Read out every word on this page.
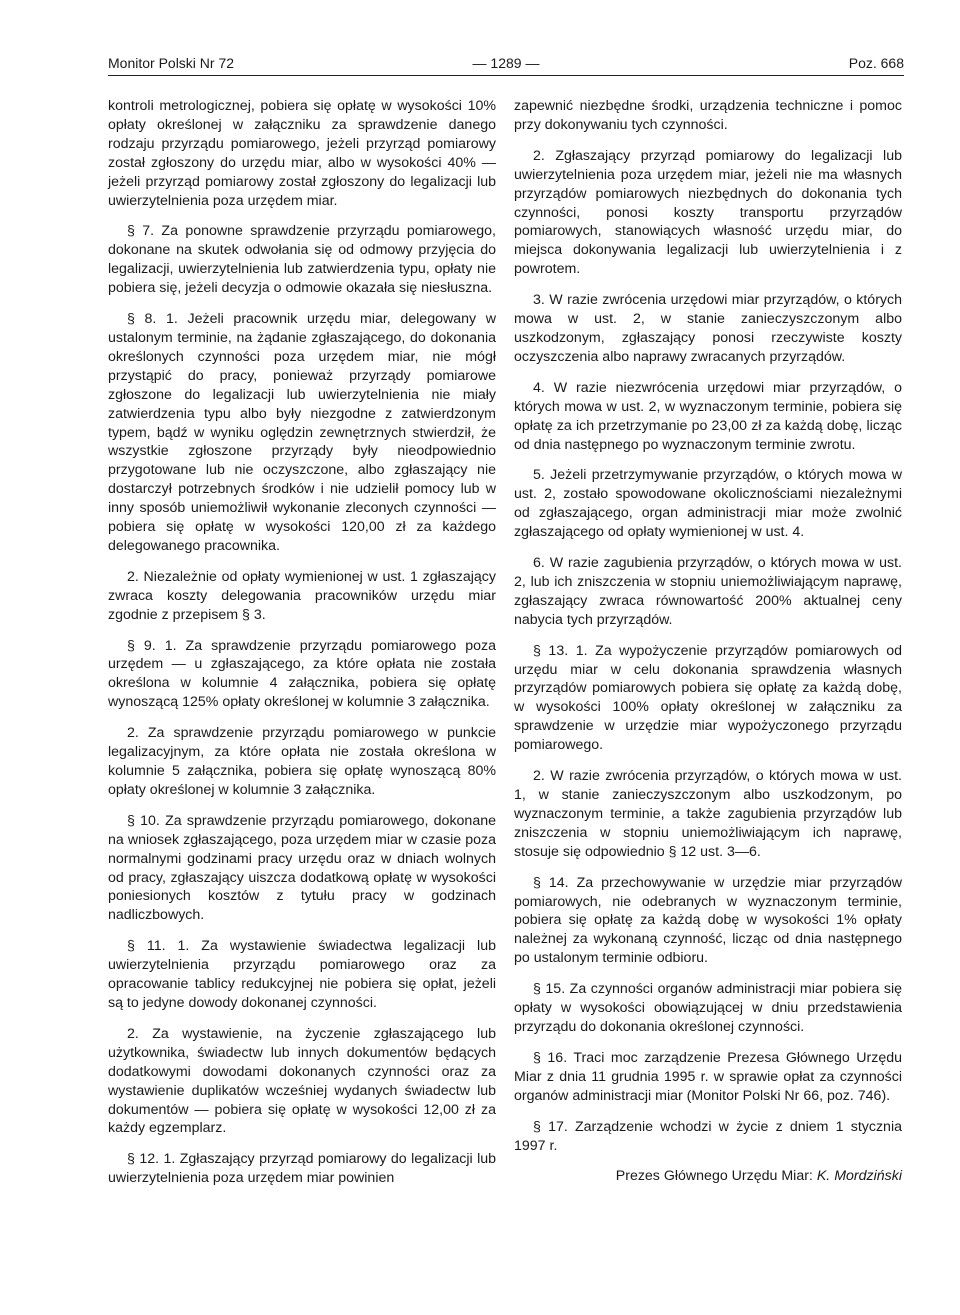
Monitor Polski Nr 72	— 1289 —	Poz. 668

kontroli metrologicznej, pobiera się opłatę w wysokości 10% opłaty określonej w załączniku za sprawdzenie danego rodzaju przyrządu pomiarowego, jeżeli przyrząd pomiarowy został zgłoszony do urzędu miar, albo w wysokości 40% — jeżeli przyrząd pomiarowy został zgłoszony do legalizacji lub uwierzytelnienia poza urzędem miar.

§ 7. Za ponowne sprawdzenie przyrządu pomiarowego, dokonane na skutek odwołania się od odmowy przyjęcia do legalizacji, uwierzytelnienia lub zatwierdzenia typu, opłaty nie pobiera się, jeżeli decyzja o odmowie okazała się niesłuszna.

§ 8. 1. Jeżeli pracownik urzędu miar, delegowany w ustalonym terminie, na żądanie zgłaszającego, do dokonania określonych czynności poza urzędem miar, nie mógł przystąpić do pracy, ponieważ przyrządy pomiarowe zgłoszone do legalizacji lub uwierzytelnienia nie miały zatwierdzenia typu albo były niezgodne z zatwierdzonym typem, bądź w wyniku oględzin zewnętrznych stwierdził, że wszystkie zgłoszone przyrządy były nieodpowiednio przygotowane lub nie oczyszczone, albo zgłaszający nie dostarczył potrzebnych środków i nie udzielił pomocy lub w inny sposób uniemożliwił wykonanie zleconych czynności — pobiera się opłatę w wysokości 120,00 zł za każdego delegowanego pracownika.

2. Niezależnie od opłaty wymienionej w ust. 1 zgłaszający zwraca koszty delegowania pracowników urzędu miar zgodnie z przepisem § 3.

§ 9. 1. Za sprawdzenie przyrządu pomiarowego poza urzędem — u zgłaszającego, za które opłata nie została określona w kolumnie 4 załącznika, pobiera się opłatę wynoszącą 125% opłaty określonej w kolumnie 3 załącznika.

2. Za sprawdzenie przyrządu pomiarowego w punkcie legalizacyjnym, za które opłata nie została określona w kolumnie 5 załącznika, pobiera się opłatę wynoszącą 80% opłaty określonej w kolumnie 3 załącznika.

§ 10. Za sprawdzenie przyrządu pomiarowego, dokonane na wniosek zgłaszającego, poza urzędem miar w czasie poza normalnymi godzinami pracy urzędu oraz w dniach wolnych od pracy, zgłaszający uiszcza dodatkową opłatę w wysokości poniesionych kosztów z tytułu pracy w godzinach nadliczbowych.

§ 11. 1. Za wystawienie świadectwa legalizacji lub uwierzytelnienia przyrządu pomiarowego oraz za opracowanie tablicy redukcyjnej nie pobiera się opłat, jeżeli są to jedyne dowody dokonanej czynności.

2. Za wystawienie, na życzenie zgłaszającego lub użytkownika, świadectw lub innych dokumentów będących dodatkowymi dowodami dokonanych czynności oraz za wystawienie duplikatów wcześniej wydanych świadectw lub dokumentów — pobiera się opłatę w wysokości 12,00 zł za każdy egzemplarz.

§ 12. 1. Zgłaszający przyrząd pomiarowy do legalizacji lub uwierzytelnienia poza urzędem miar powinien

zapewnić niezbędne środki, urządzenia techniczne i pomoc przy dokonywaniu tych czynności.

2. Zgłaszający przyrząd pomiarowy do legalizacji lub uwierzytelnienia poza urzędem miar, jeżeli nie ma własnych przyrządów pomiarowych niezbędnych do dokonania tych czynności, ponosi koszty transportu przyrządów pomiarowych, stanowiących własność urzędu miar, do miejsca dokonywania legalizacji lub uwierzytelnienia i z powrotem.

3. W razie zwrócenia urzędowi miar przyrządów, o których mowa w ust. 2, w stanie zanieczyszczonym albo uszkodzonym, zgłaszający ponosi rzeczywiste koszty oczyszczenia albo naprawy zwracanych przyrządów.

4. W razie niezwrócenia urzędowi miar przyrządów, o których mowa w ust. 2, w wyznaczonym terminie, pobiera się opłatę za ich przetrzymanie po 23,00 zł za każdą dobę, licząc od dnia następnego po wyznaczonym terminie zwrotu.

5. Jeżeli przetrzymywanie przyrządów, o których mowa w ust. 2, zostało spowodowane okolicznościami niezależnymi od zgłaszającego, organ administracji miar może zwolnić zgłaszającego od opłaty wymienionej w ust. 4.

6. W razie zagubienia przyrządów, o których mowa w ust. 2, lub ich zniszczenia w stopniu uniemożliwiającym naprawę, zgłaszający zwraca równowartość 200% aktualnej ceny nabycia tych przyrządów.

§ 13. 1. Za wypożyczenie przyrządów pomiarowych od urzędu miar w celu dokonania sprawdzenia własnych przyrządów pomiarowych pobiera się opłatę za każdą dobę, w wysokości 100% opłaty określonej w załączniku za sprawdzenie w urzędzie miar wypożyczonego przyrządu pomiarowego.

2. W razie zwrócenia przyrządów, o których mowa w ust. 1, w stanie zanieczyszczonym albo uszkodzonym, po wyznaczonym terminie, a także zagubienia przyrządów lub zniszczenia w stopniu uniemożliwiającym ich naprawę, stosuje się odpowiednio § 12 ust. 3—6.

§ 14. Za przechowywanie w urzędzie miar przyrządów pomiarowych, nie odebranych w wyznaczonym terminie, pobiera się opłatę za każdą dobę w wysokości 1% opłaty należnej za wykonaną czynność, licząc od dnia następnego po ustalonym terminie odbioru.

§ 15. Za czynności organów administracji miar pobiera się opłaty w wysokości obowiązującej w dniu przedstawienia przyrządu do dokonania określonej czynności.

§ 16. Traci moc zarządzenie Prezesa Głównego Urzędu Miar z dnia 11 grudnia 1995 r. w sprawie opłat za czynności organów administracji miar (Monitor Polski Nr 66, poz. 746).

§ 17. Zarządzenie wchodzi w życie z dniem 1 stycznia 1997 r.

Prezes Głównego Urzędu Miar: K. Mordziński
